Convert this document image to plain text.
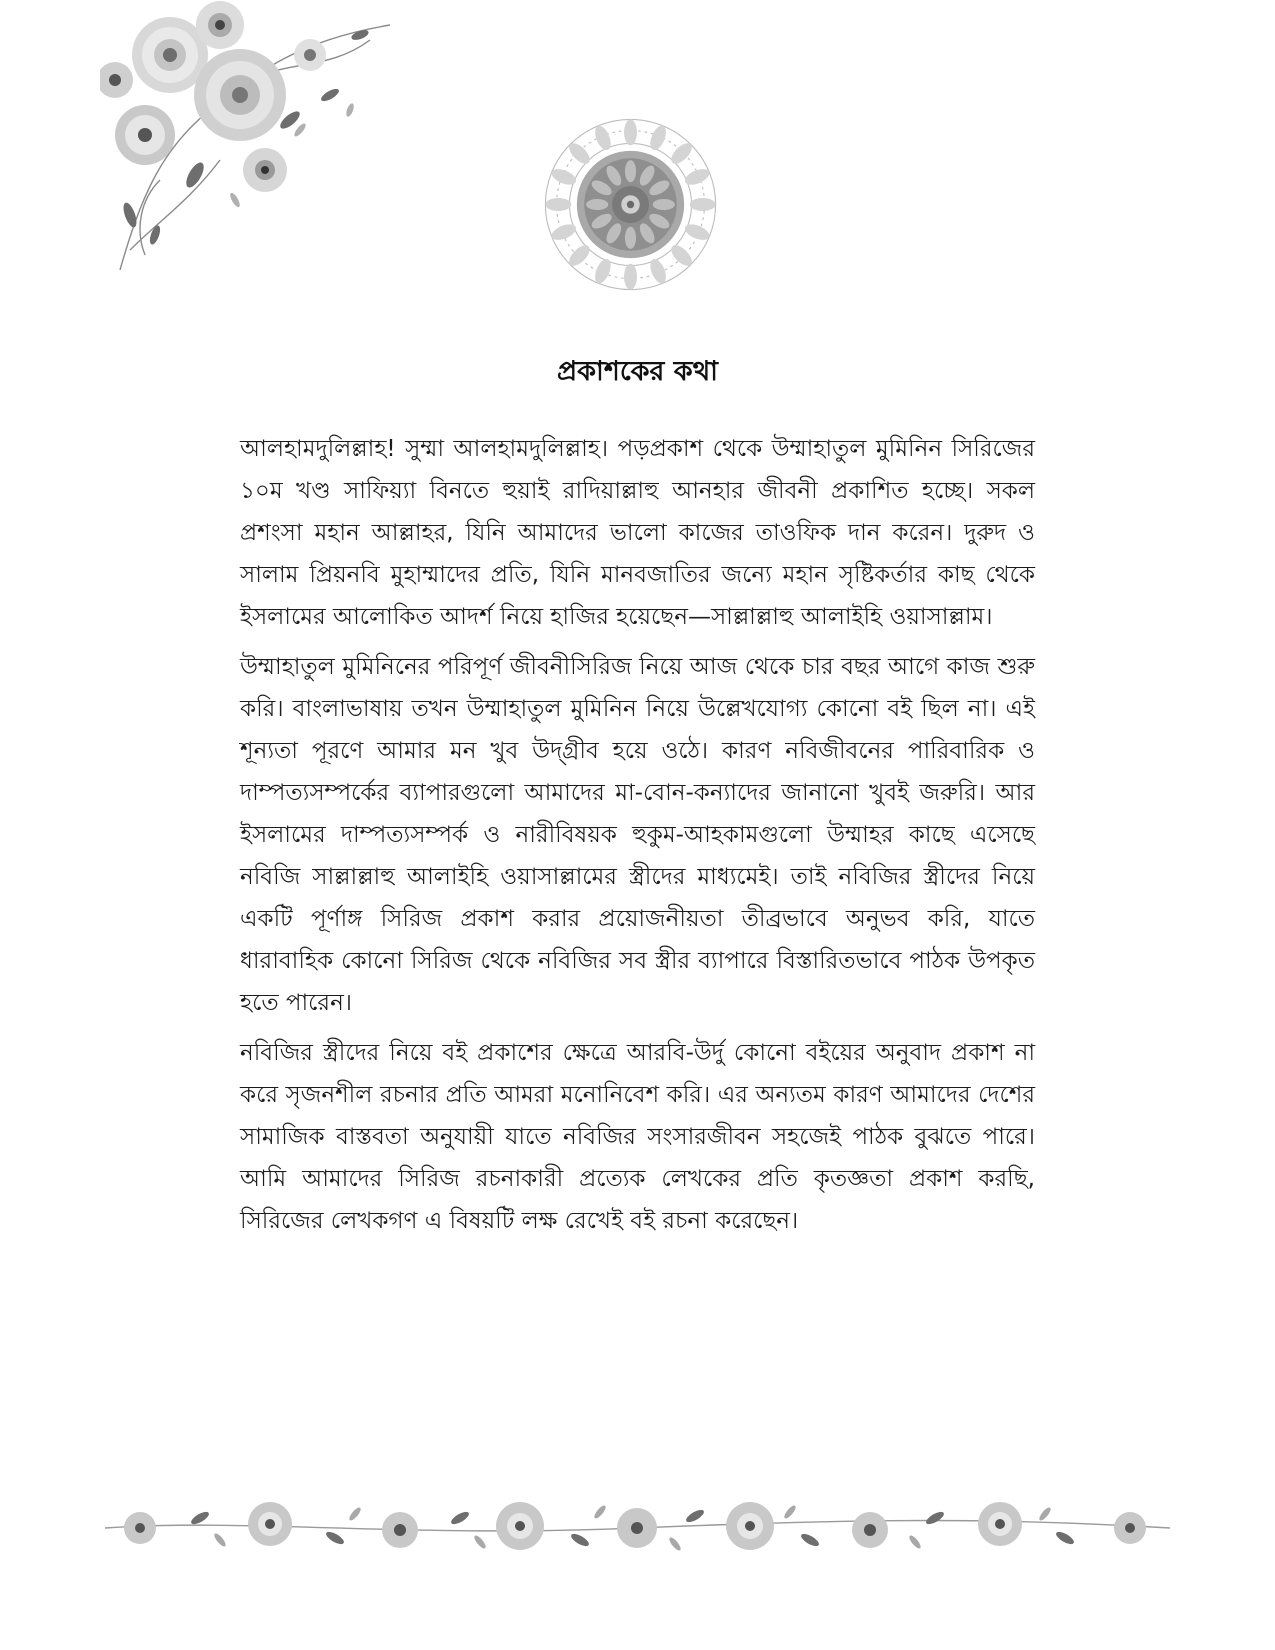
প্রকাশকের কথা

আলহামদুলিল্লাহ! সুম্মা আলহামদুলিল্লাহ। পড়প্রকাশ থেকে উম্মাহাতুল মুমিনিন সিরিজের ১০ম খণ্ড সাফিয়্যা বিনতে হুয়াই রাদিয়াল্লাহু আনহার জীবনী প্রকাশিত হচ্ছে। সকল প্রশংসা মহান আল্লাহর, যিনি আমাদের ভালো কাজের তাওফিক দান করেন। দুরুদ ও সালাম প্রিয়নবি মুহাম্মাদের প্রতি, যিনি মানবজাতির জন্যে মহান সৃষ্টিকর্তার কাছ থেকে ইসলামের আলোকিত আদর্শ নিয়ে হাজির হয়েছেন—সাল্লাল্লাহু আলাইহি ওয়াসাল্লাম।

উম্মাহাতুল মুমিনিনের পরিপূর্ণ জীবনীসিরিজ নিয়ে আজ থেকে চার বছর আগে কাজ শুরু করি। বাংলাভাষায় তখন উম্মাহাতুল মুমিনিন নিয়ে উল্লেখযোগ্য কোনো বই ছিল না। এই শূন্যতা পূরণে আমার মন খুব উদ্‌গ্রীব হয়ে ওঠে। কারণ নবিজীবনের পারিবারিক ও দাম্পত্যসম্পর্কের ব্যাপারগুলো আমাদের মা-বোন-কন্যাদের জানানো খুবই জরুরি। আর ইসলামের দাম্পত্যসম্পর্ক ও নারীবিষয়ক হুকুম-আহকামগুলো উম্মাহর কাছে এসেছে নবিজি সাল্লাল্লাহু আলাইহি ওয়াসাল্লামের স্ত্রীদের মাধ্যমেই। তাই নবিজির স্ত্রীদের নিয়ে একটি পূর্ণাঙ্গ সিরিজ প্রকাশ করার প্রয়োজনীয়তা তীব্রভাবে অনুভব করি, যাতে ধারাবাহিক কোনো সিরিজ থেকে নবিজির সব স্ত্রীর ব্যাপারে বিস্তারিতভাবে পাঠক উপকৃত হতে পারেন।

নবিজির স্ত্রীদের নিয়ে বই প্রকাশের ক্ষেত্রে আরবি-উর্দু কোনো বইয়ের অনুবাদ প্রকাশ না করে সৃজনশীল রচনার প্রতি আমরা মনোনিবেশ করি। এর অন্যতম কারণ আমাদের দেশের সামাজিক বাস্তবতা অনুযায়ী যাতে নবিজির সংসারজীবন সহজেই পাঠক বুঝতে পারে। আমি আমাদের সিরিজ রচনাকারী প্রত্যেক লেখকের প্রতি কৃতজ্ঞতা প্রকাশ করছি, সিরিজের লেখকগণ এ বিষয়টি লক্ষ রেখেই বই রচনা করেছেন।
